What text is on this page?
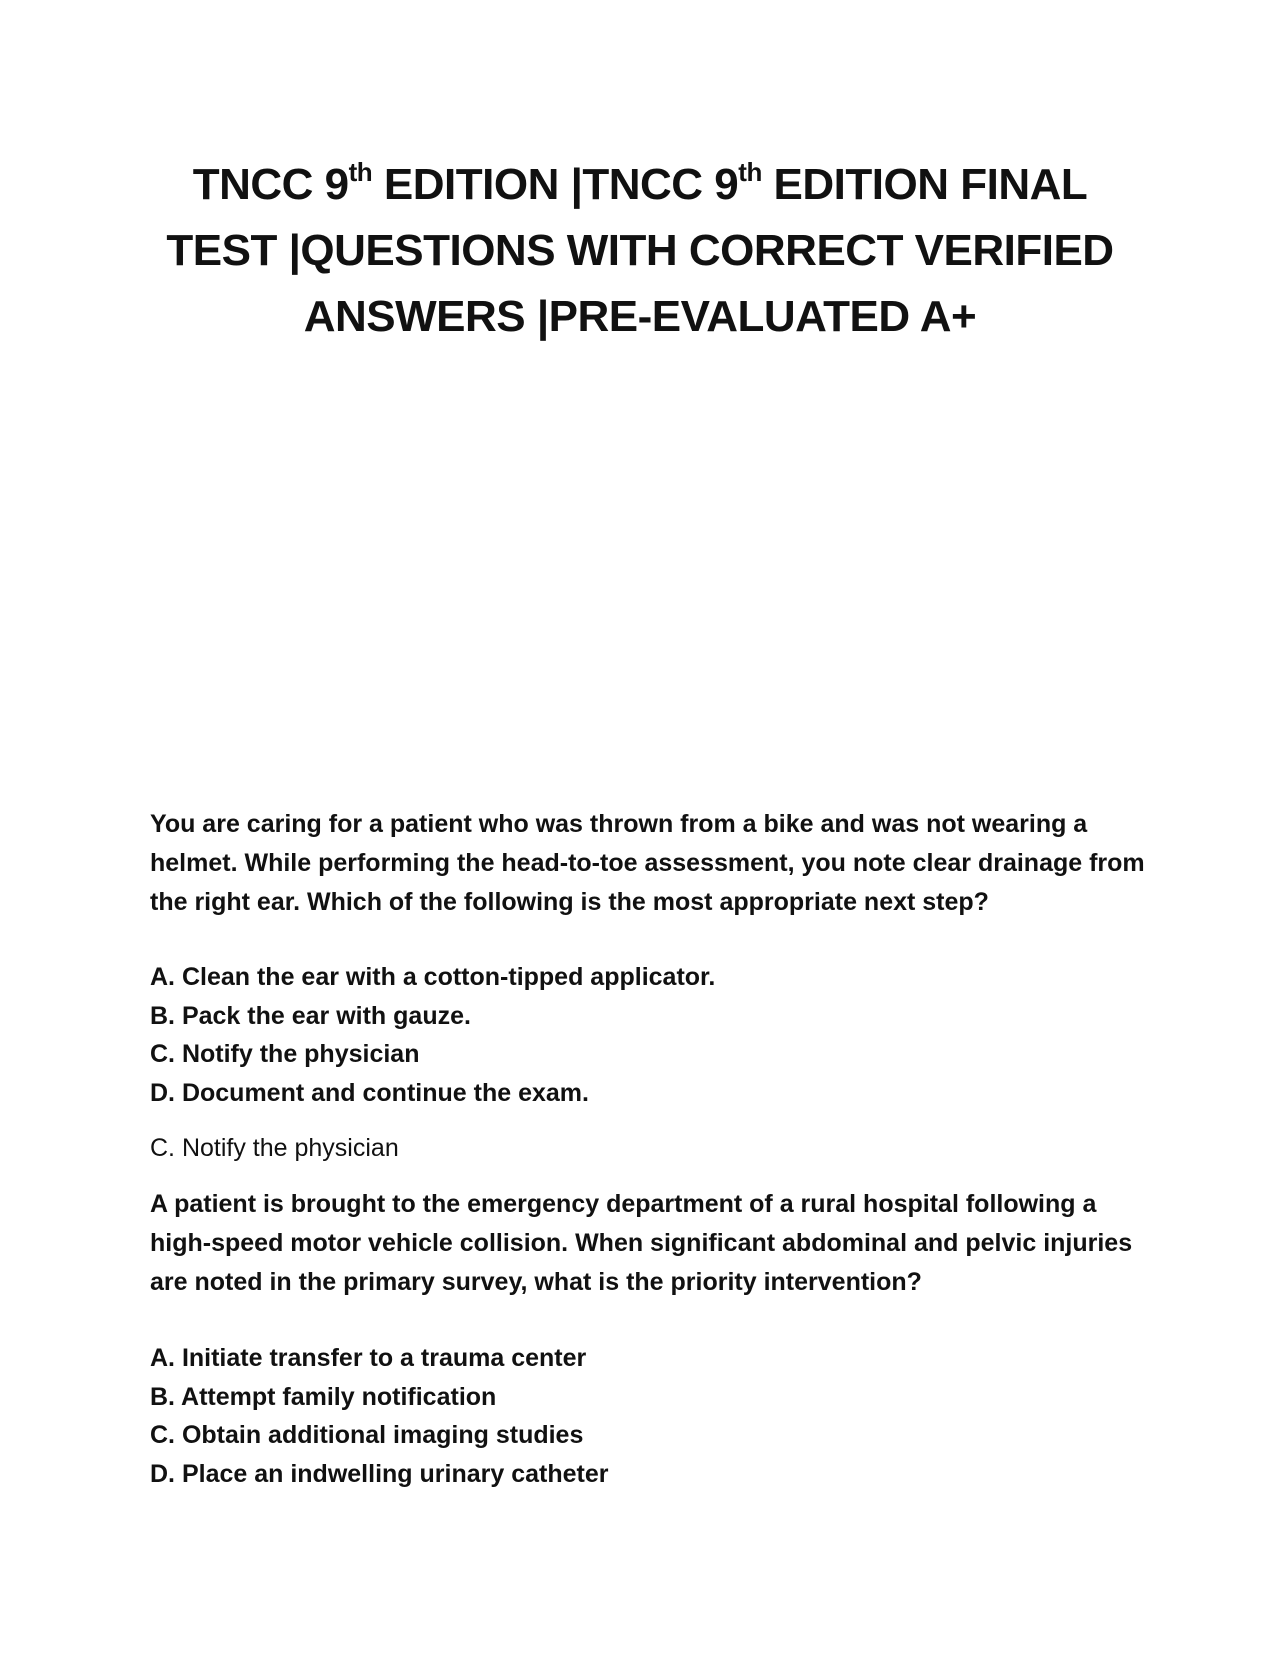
TNCC 9th EDITION |TNCC 9th EDITION FINAL TEST |QUESTIONS WITH CORRECT VERIFIED ANSWERS |PRE-EVALUATED A+

You are caring for a patient who was thrown from a bike and was not wearing a helmet. While performing the head-to-toe assessment, you note clear drainage from the right ear. Which of the following is the most appropriate next step?

A. Clean the ear with a cotton-tipped applicator.
B. Pack the ear with gauze.
C. Notify the physician
D. Document and continue the exam.

C. Notify the physician

A patient is brought to the emergency department of a rural hospital following a high-speed motor vehicle collision. When significant abdominal and pelvic injuries are noted in the primary survey, what is the priority intervention?

A. Initiate transfer to a trauma center
B. Attempt family notification
C. Obtain additional imaging studies
D. Place an indwelling urinary catheter
